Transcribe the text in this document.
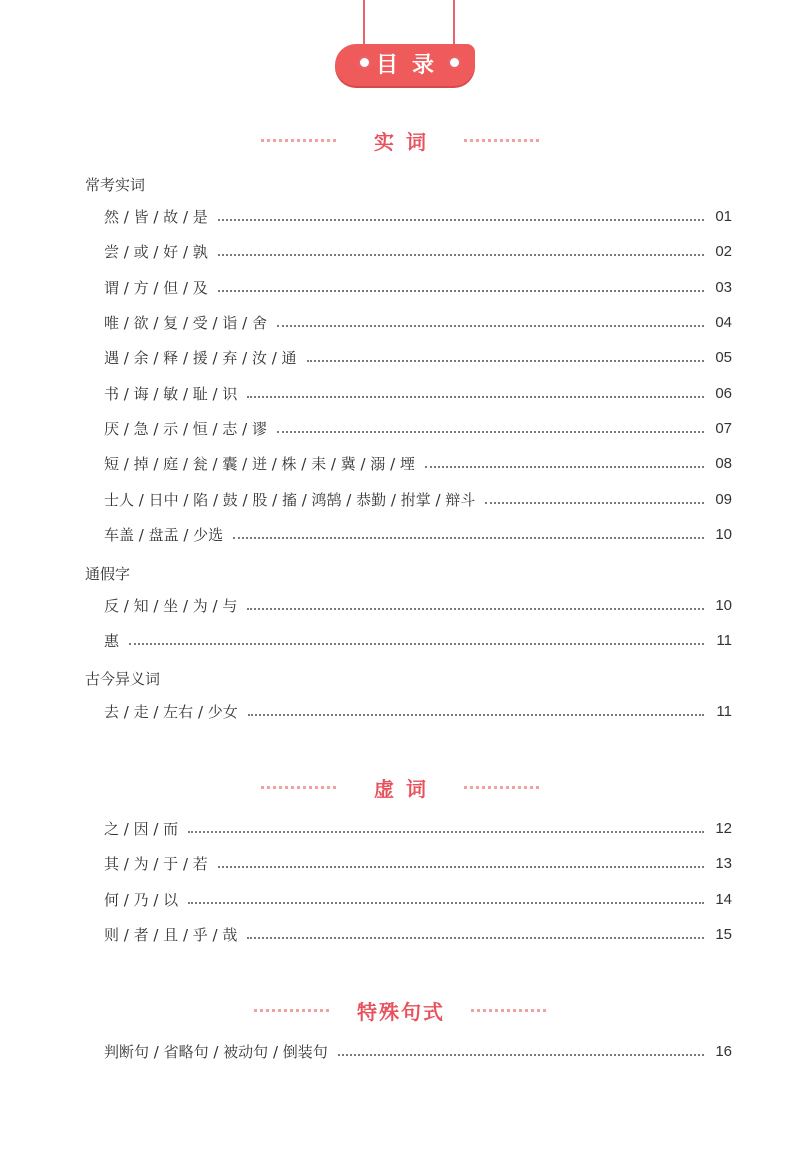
目录
实词
常考实词
然 / 皆 / 故 / 是	01
尝 / 或 / 好 / 孰	02
谓 / 方 / 但 / 及	03
唯 / 欲 / 复 / 受 / 诣 / 舍	04
遇 / 余 / 释 / 援 / 弃 / 汝 / 通	05
书 / 诲 / 敏 / 耻 / 识	06
厌 / 急 / 示 / 恒 / 志 / 谬	07
短 / 掉 / 庭 / 瓮 / 囊 / 迸 / 株 / 耒 / 冀 / 溺 / 堙	08
士人 / 日中 / 陷 / 鼓 / 股 / 搐 / 鸿鹄 / 恭勤 / 拊掌 / 辩斗	09
车盖 / 盘盂 / 少选	10
通假字
反 / 知 / 坐 / 为 / 与	10
惠	11
古今异义词
去 / 走 / 左右 / 少女	11
虚词
之 / 因 / 而	12
其 / 为 / 于 / 若	13
何 / 乃 / 以	14
则 / 者 / 且 / 乎 / 哉	15
特殊句式
判断句 / 省略句 / 被动句 / 倒装句	16
